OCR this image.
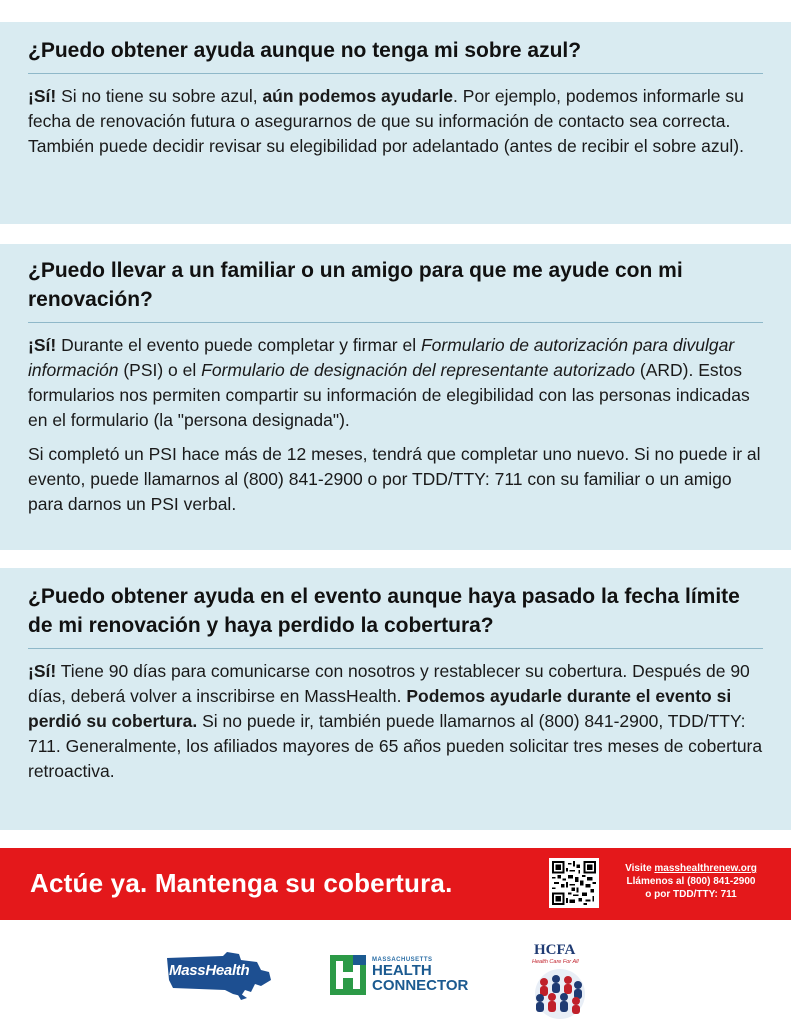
¿Puedo obtener ayuda aunque no tenga mi sobre azul?

¡Sí! Si no tiene su sobre azul, aún podemos ayudarle. Por ejemplo, podemos informarle su fecha de renovación futura o asegurarnos de que su información de contacto sea correcta. También puede decidir revisar su elegibilidad por adelantado (antes de recibir el sobre azul).

¿Puedo llevar a un familiar o un amigo para que me ayude con mi renovación?

¡Sí! Durante el evento puede completar y firmar el Formulario de autorización para divulgar información (PSI) o el Formulario de designación del representante autorizado (ARD). Estos formularios nos permiten compartir su información de elegibilidad con las personas indicadas en el formulario (la "persona designada").

Si completó un PSI hace más de 12 meses, tendrá que completar uno nuevo. Si no puede ir al evento, puede llamarnos al (800) 841-2900 o por TDD/TTY: 711 con su familiar o un amigo para darnos un PSI verbal.

¿Puedo obtener ayuda en el evento aunque haya pasado la fecha límite de mi renovación y haya perdido la cobertura?

¡Sí! Tiene 90 días para comunicarse con nosotros y restablecer su cobertura. Después de 90 días, deberá volver a inscribirse en MassHealth. Podemos ayudarle durante el evento si perdió su cobertura. Si no puede ir, también puede llamarnos al (800) 841-2900, TDD/TTY: 711. Generalmente, los afiliados mayores de 65 años pueden solicitar tres meses de cobertura retroactiva.

Actúe ya. Mantenga su cobertura.	Visite masshealthrenew.org
Llámenos al (800) 841-2900
o por TDD/TTY: 711
MassHealth
MASSACHUSETTS
HEALTH
CONNECTOR
HCFA
Health Care For All
